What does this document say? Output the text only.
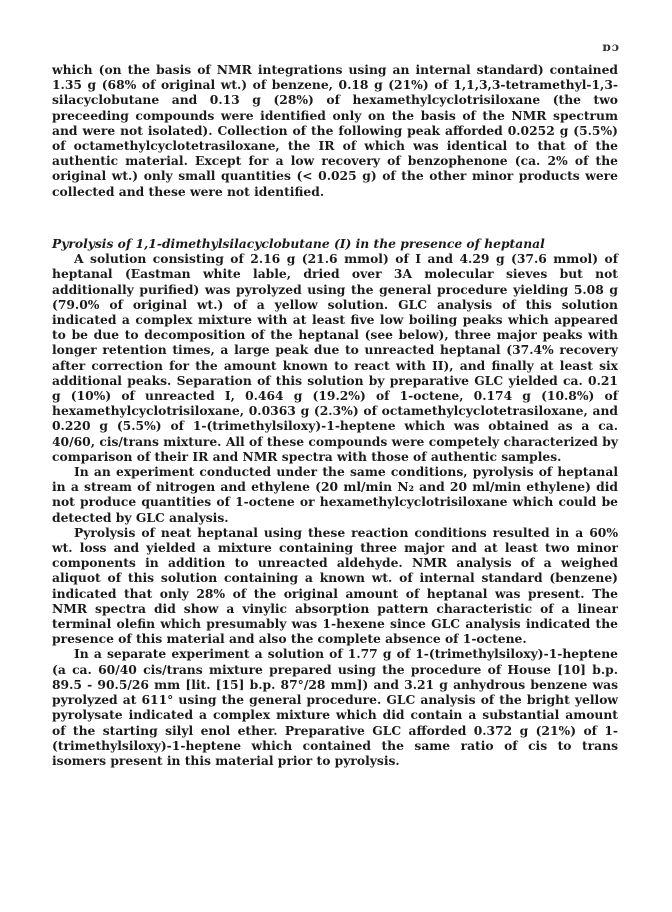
ɒɔ

which (on the basis of NMR integrations using an internal standard) contained 1.35 g (68% of original wt.) of benzene, 0.18 g (21%) of 1,1,3,3-tetramethyl-1,3-silacyclobutane and 0.13 g (28%) of hexamethylcyclotrisiloxane (the two preceeding compounds were identified only on the basis of the NMR spectrum and were not isolated). Collection of the following peak afforded 0.0252 g (5.5%) of octamethylcyclotetrasiloxane, the IR of which was identical to that of the authentic material. Except for a low recovery of benzophenone (ca. 2% of the original wt.) only small quantities (< 0.025 g) of the other minor products were collected and these were not identified.

Pyrolysis of 1,1-dimethylsilacyclobutane (I) in the presence of heptanal

A solution consisting of 2.16 g (21.6 mmol) of I and 4.29 g (37.6 mmol) of heptanal (Eastman white lable, dried over 3A molecular sieves but not additionally purified) was pyrolyzed using the general procedure yielding 5.08 g (79.0% of original wt.) of a yellow solution. GLC analysis of this solution indicated a complex mixture with at least five low boiling peaks which appeared to be due to decomposition of the heptanal (see below), three major peaks with longer retention times, a large peak due to unreacted heptanal (37.4% recovery after correction for the amount known to react with II), and finally at least six additional peaks. Separation of this solution by preparative GLC yielded ca. 0.21 g (10%) of unreacted I, 0.464 g (19.2%) of 1-octene, 0.174 g (10.8%) of hexamethylcyclotrisiloxane, 0.0363 g (2.3%) of octamethylcyclotetrasiloxane, and 0.220 g (5.5%) of 1-(trimethylsiloxy)-1-heptene which was obtained as a ca. 40/60, cis/trans mixture. All of these compounds were competely characterized by comparison of their IR and NMR spectra with those of authentic samples.

In an experiment conducted under the same conditions, pyrolysis of heptanal in a stream of nitrogen and ethylene (20 ml/min N₂ and 20 ml/min ethylene) did not produce quantities of 1-octene or hexamethylcyclotrisiloxane which could be detected by GLC analysis.

Pyrolysis of neat heptanal using these reaction conditions resulted in a 60% wt. loss and yielded a mixture containing three major and at least two minor components in addition to unreacted aldehyde. NMR analysis of a weighed aliquot of this solution containing a known wt. of internal standard (benzene) indicated that only 28% of the original amount of heptanal was present. The NMR spectra did show a vinylic absorption pattern characteristic of a linear terminal olefin which presumably was 1-hexene since GLC analysis indicated the presence of this material and also the complete absence of 1-octene.

In a separate experiment a solution of 1.77 g of 1-(trimethylsiloxy)-1-heptene (a ca. 60/40 cis/trans mixture prepared using the procedure of House [10] b.p. 89.5 - 90.5/26 mm [lit. [15] b.p. 87°/28 mm]) and 3.21 g anhydrous benzene was pyrolyzed at 611° using the general procedure. GLC analysis of the bright yellow pyrolysate indicated a complex mixture which did contain a substantial amount of the starting silyl enol ether. Preparative GLC afforded 0.372 g (21%) of 1-(trimethylsiloxy)-1-heptene which contained the same ratio of cis to trans isomers present in this material prior to pyrolysis.
